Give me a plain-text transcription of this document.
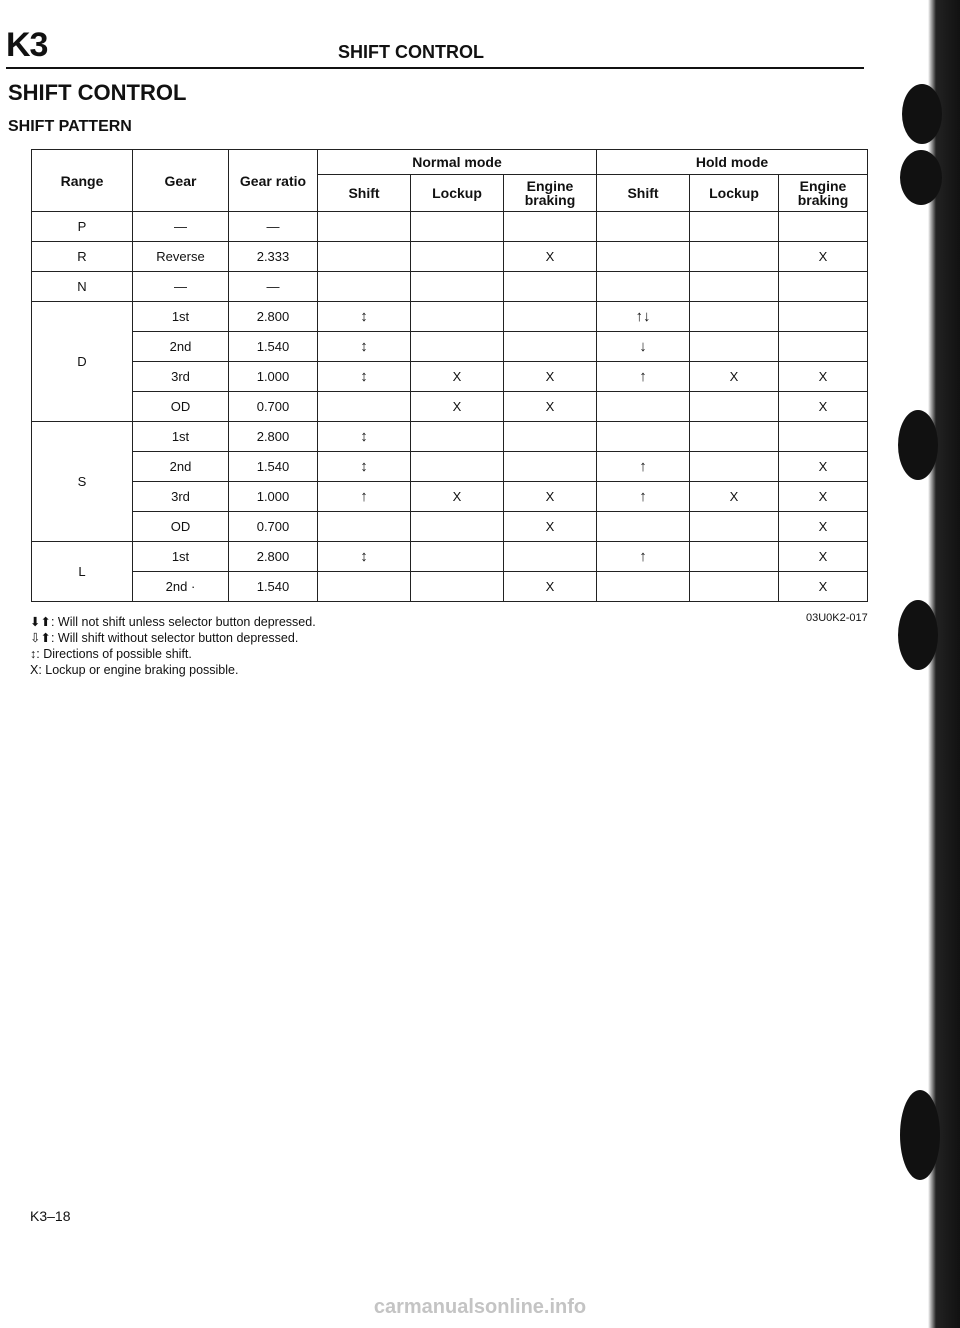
K3	SHIFT CONTROL
SHIFT CONTROL
SHIFT PATTERN
Range	Gear	Gear ratio	Normal mode			Hold mode		
			Shift	Lockup	Engine braking	Shift	Lockup	Engine braking
P	—	—						
R	Reverse	2.333			X			X
N	—	—						
D	1st	2.800	↕			↑↓		
	2nd	1.540	↕			↓		
	3rd	1.000	↕	X	X	↑	X	X
	OD	0.700		X	X			X
S	1st	2.800	↕					
	2nd	1.540	↕			↑		X
	3rd	1.000	↑	X	X	↑	X	X
	OD	0.700			X			X
L	1st	2.800	↕			↑		X
	2nd ·	1.540			X			X
⬇⬆: Will not shift unless selector button depressed.
⇩⬆: Will shift without selector button depressed.
↕: Directions of possible shift.
X: Lockup or engine braking possible.
03U0K2-017
K3–18
carmanualsonline.info
